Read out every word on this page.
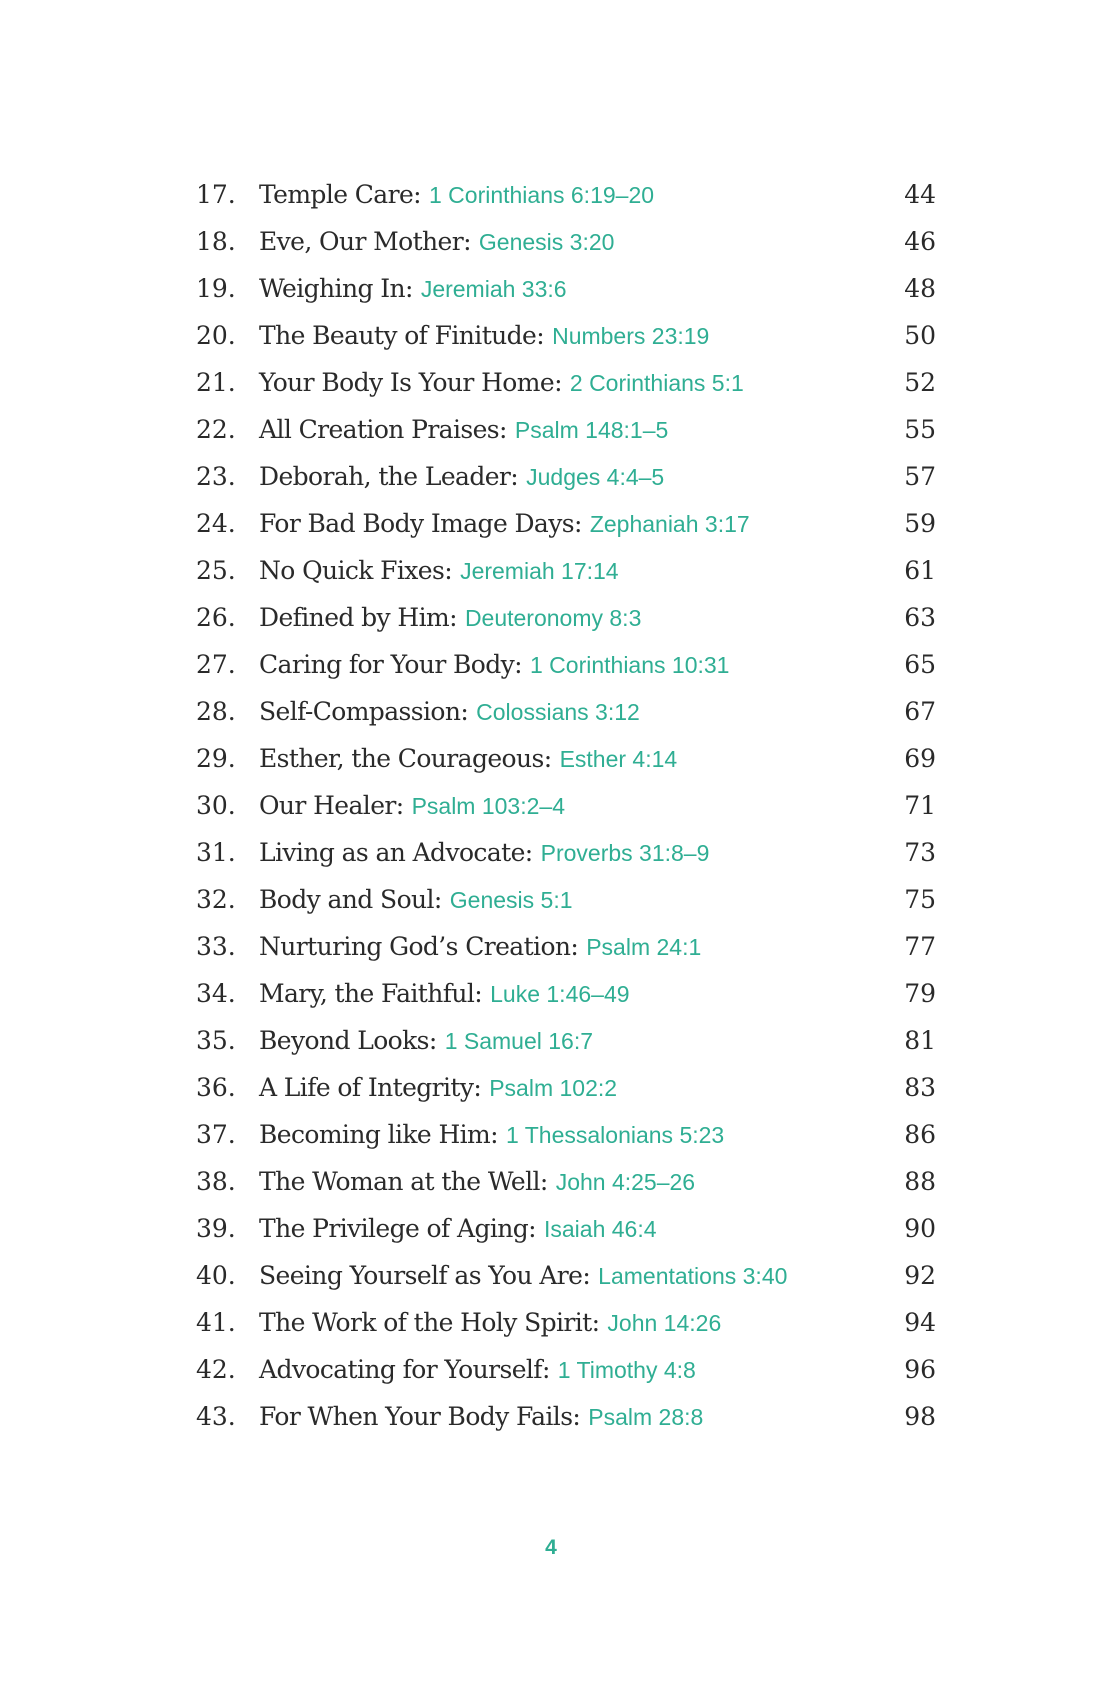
17. Temple Care: 1 Corinthians 6:19–20	44
18. Eve, Our Mother: Genesis 3:20	46
19. Weighing In: Jeremiah 33:6	48
20. The Beauty of Finitude: Numbers 23:19	50
21. Your Body Is Your Home: 2 Corinthians 5:1	52
22. All Creation Praises: Psalm 148:1–5	55
23. Deborah, the Leader: Judges 4:4–5	57
24. For Bad Body Image Days: Zephaniah 3:17	59
25. No Quick Fixes: Jeremiah 17:14	61
26. Defined by Him: Deuteronomy 8:3	63
27. Caring for Your Body: 1 Corinthians 10:31	65
28. Self-Compassion: Colossians 3:12	67
29. Esther, the Courageous: Esther 4:14	69
30. Our Healer: Psalm 103:2–4	71
31. Living as an Advocate: Proverbs 31:8–9	73
32. Body and Soul: Genesis 5:1	75
33. Nurturing God’s Creation: Psalm 24:1	77
34. Mary, the Faithful: Luke 1:46–49	79
35. Beyond Looks: 1 Samuel 16:7	81
36. A Life of Integrity: Psalm 102:2	83
37. Becoming like Him: 1 Thessalonians 5:23	86
38. The Woman at the Well: John 4:25–26	88
39. The Privilege of Aging: Isaiah 46:4	90
40. Seeing Yourself as You Are: Lamentations 3:40	92
41. The Work of the Holy Spirit: John 14:26	94
42. Advocating for Yourself: 1 Timothy 4:8	96
43. For When Your Body Fails: Psalm 28:8	98
4
